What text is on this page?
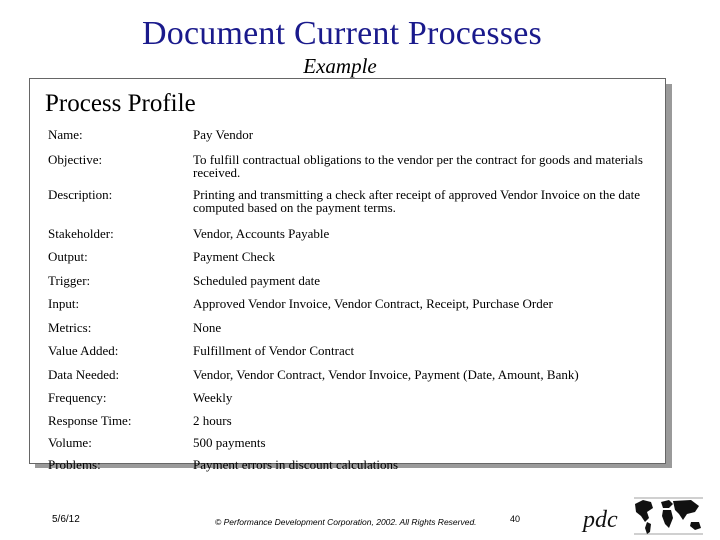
Document Current Processes
Example
Process Profile
Name:	Pay Vendor
Objective:	To fulfill contractual obligations to the vendor per the contract for goods and materials received.
Description:	Printing and transmitting a check after receipt of approved Vendor Invoice on the date computed based on the payment terms.
Stakeholder:	Vendor, Accounts Payable
Output:	Payment Check
Trigger:	Scheduled payment date
Input:	Approved Vendor Invoice, Vendor Contract, Receipt, Purchase Order
Metrics:	None
Value Added:	Fulfillment of Vendor Contract
Data Needed:	Vendor, Vendor Contract, Vendor Invoice, Payment (Date, Amount, Bank)
Frequency:	Weekly
Response Time:	2 hours
Volume:	500 payments
Problems:	Payment errors in discount calculations
5/6/12	© Performance Development Corporation, 2002. All Rights Reserved.	40	pdc
